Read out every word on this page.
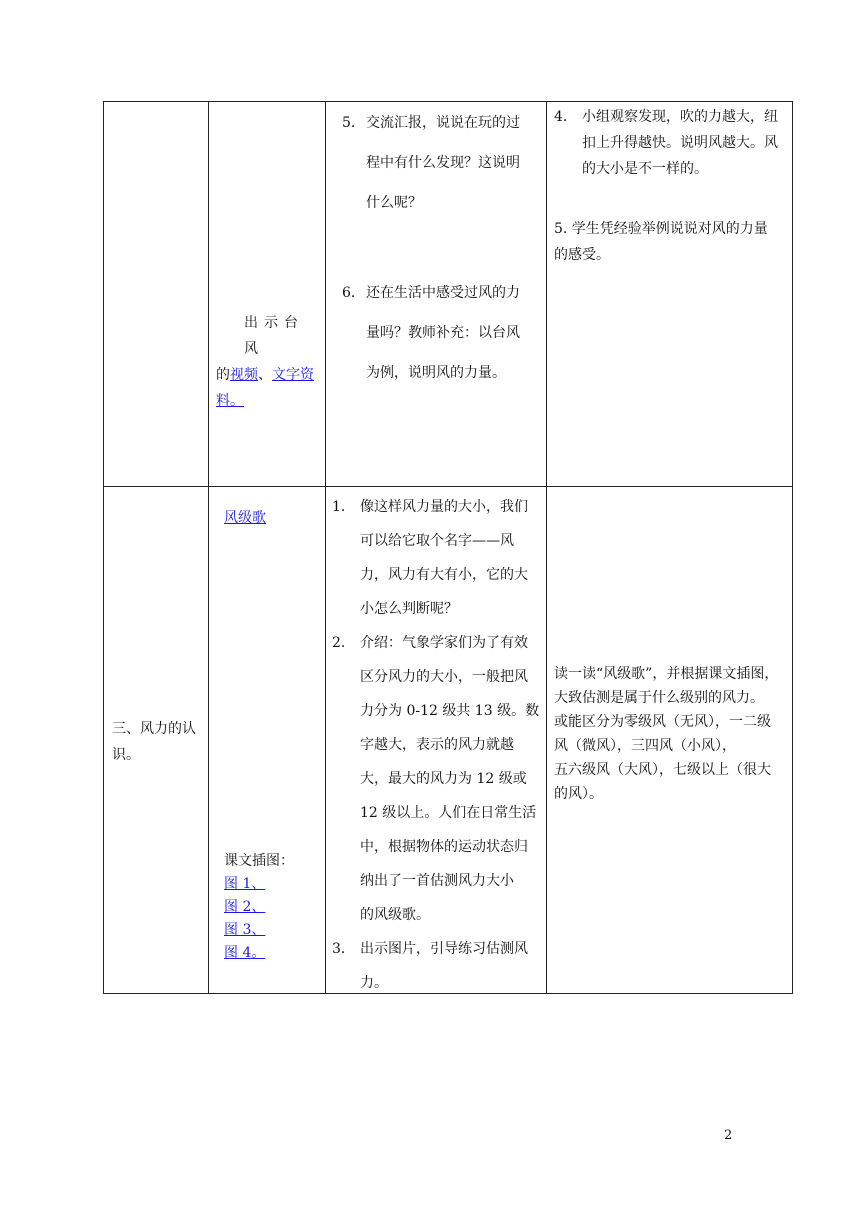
出示台风
的视频、文字资
料。
5． 交流汇报，说说在玩的过
程中有什么发现？这说明
什么呢？
6． 还在生活中感受过风的力
量吗？教师补充：以台风
为例，说明风的力量。
4． 小组观察发现，吹的力越大，纽
扣上升得越快。说明风越大。风
的大小是不一样的。
5. 学生凭经验举例说说对风的力量
的感受。
三、风力的认
识。
风级歌
课文插图：
图 1、
图 2、
图 3、
图 4。
1． 像这样风力量的大小，我们
可以给它取个名字——风
力，风力有大有小，它的大
小怎么判断呢？
2． 介绍：气象学家们为了有效
区分风力的大小，一般把风
力分为 0-12 级共 13 级。数
字越大，表示的风力就越
大，最大的风力为 12 级或
12 级以上。人们在日常生活
中，根据物体的运动状态归
纳出了一首估测风力大小
的风级歌。
3． 出示图片，引导练习估测风
力。
读一读“风级歌”，并根据课文插图，
大致估测是属于什么级别的风力。
或能区分为零级风（无风），一二级
风（微风），三四风（小风），
五六级风（大风），七级以上（很大
的风）。
2
